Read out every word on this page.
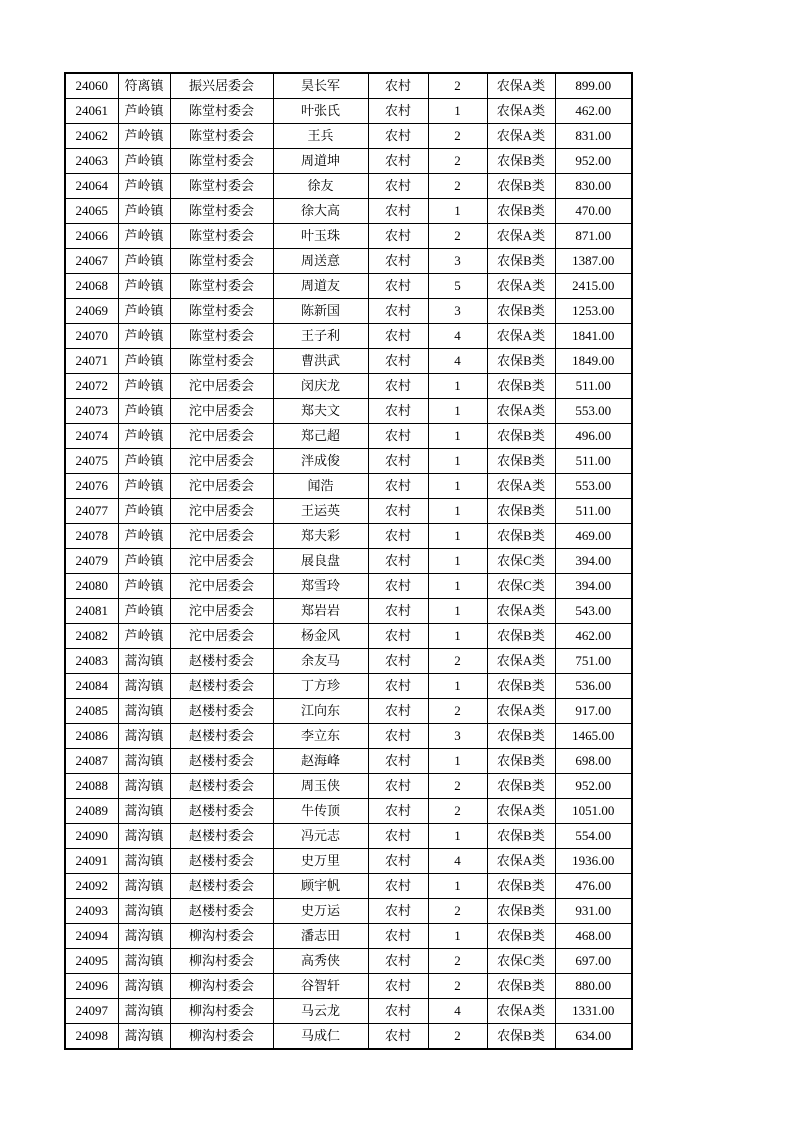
24060	符离镇	振兴居委会	昊长军	农村	2	农保A类	899.00
24061	芦岭镇	陈堂村委会	叶张氏	农村	1	农保A类	462.00
24062	芦岭镇	陈堂村委会	王兵	农村	2	农保A类	831.00
24063	芦岭镇	陈堂村委会	周道坤	农村	2	农保B类	952.00
24064	芦岭镇	陈堂村委会	徐友	农村	2	农保B类	830.00
24065	芦岭镇	陈堂村委会	徐大高	农村	1	农保B类	470.00
24066	芦岭镇	陈堂村委会	叶玉珠	农村	2	农保A类	871.00
24067	芦岭镇	陈堂村委会	周送意	农村	3	农保B类	1387.00
24068	芦岭镇	陈堂村委会	周道友	农村	5	农保A类	2415.00
24069	芦岭镇	陈堂村委会	陈新国	农村	3	农保B类	1253.00
24070	芦岭镇	陈堂村委会	王子利	农村	4	农保A类	1841.00
24071	芦岭镇	陈堂村委会	曹洪武	农村	4	农保B类	1849.00
24072	芦岭镇	沱中居委会	闵庆龙	农村	1	农保B类	511.00
24073	芦岭镇	沱中居委会	郑夫文	农村	1	农保A类	553.00
24074	芦岭镇	沱中居委会	郑己超	农村	1	农保B类	496.00
24075	芦岭镇	沱中居委会	泮成俊	农村	1	农保B类	511.00
24076	芦岭镇	沱中居委会	闻浩	农村	1	农保A类	553.00
24077	芦岭镇	沱中居委会	王运英	农村	1	农保B类	511.00
24078	芦岭镇	沱中居委会	郑夫彩	农村	1	农保B类	469.00
24079	芦岭镇	沱中居委会	展良盘	农村	1	农保C类	394.00
24080	芦岭镇	沱中居委会	郑雪玲	农村	1	农保C类	394.00
24081	芦岭镇	沱中居委会	郑岩岩	农村	1	农保A类	543.00
24082	芦岭镇	沱中居委会	杨金风	农村	1	农保B类	462.00
24083	蒿沟镇	赵楼村委会	余友马	农村	2	农保A类	751.00
24084	蒿沟镇	赵楼村委会	丁方珍	农村	1	农保B类	536.00
24085	蒿沟镇	赵楼村委会	江向东	农村	2	农保A类	917.00
24086	蒿沟镇	赵楼村委会	李立东	农村	3	农保B类	1465.00
24087	蒿沟镇	赵楼村委会	赵海峰	农村	1	农保B类	698.00
24088	蒿沟镇	赵楼村委会	周玉侠	农村	2	农保B类	952.00
24089	蒿沟镇	赵楼村委会	牛传顶	农村	2	农保A类	1051.00
24090	蒿沟镇	赵楼村委会	冯元志	农村	1	农保B类	554.00
24091	蒿沟镇	赵楼村委会	史万里	农村	4	农保A类	1936.00
24092	蒿沟镇	赵楼村委会	顾宇帆	农村	1	农保B类	476.00
24093	蒿沟镇	赵楼村委会	史万运	农村	2	农保B类	931.00
24094	蒿沟镇	柳沟村委会	潘志田	农村	1	农保B类	468.00
24095	蒿沟镇	柳沟村委会	高秀侠	农村	2	农保C类	697.00
24096	蒿沟镇	柳沟村委会	谷智轩	农村	2	农保B类	880.00
24097	蒿沟镇	柳沟村委会	马云龙	农村	4	农保A类	1331.00
24098	蒿沟镇	柳沟村委会	马成仁	农村	2	农保B类	634.00
